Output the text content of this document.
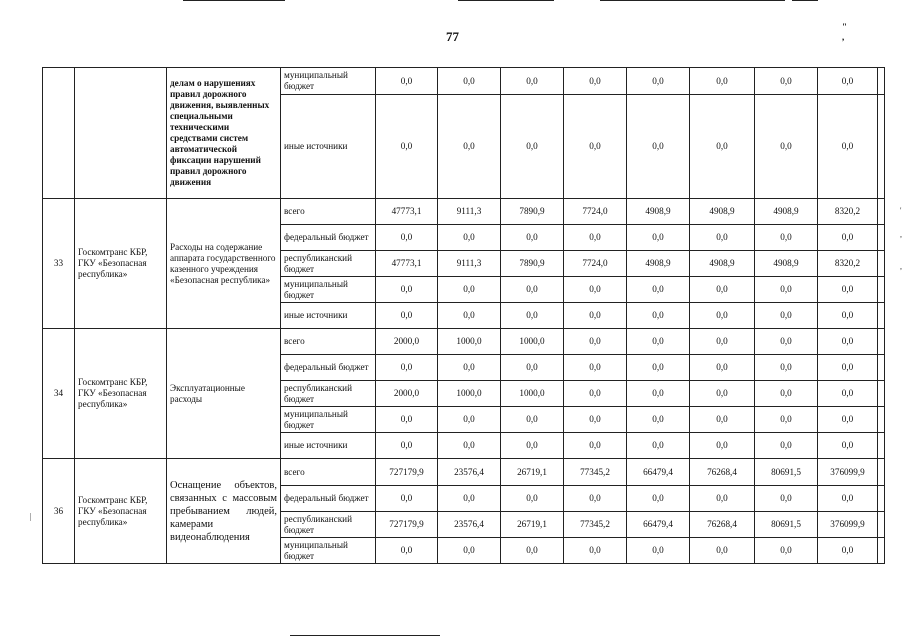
77
" ,
		делам о нарушениях правил дорожного движения, выявленных специальными техническими средствами систем автоматической фиксации нарушений правил дорожного движения	муниципальный бюджет	0,0	0,0	0,0	0,0	0,0	0,0	0,0	0,0	
			иные источники	0,0	0,0	0,0	0,0	0,0	0,0	0,0	0,0	
33	Госкомтранс КБР, ГКУ «Безопасная республика»	Расходы на содержание аппарата государственного казенного учреждения «Безопасная республика»	всего	47773,1	9111,3	7890,9	7724,0	4908,9	4908,9	4908,9	8320,2	
			федеральный бюджет	0,0	0,0	0,0	0,0	0,0	0,0	0,0	0,0	
			республиканский бюджет	47773,1	9111,3	7890,9	7724,0	4908,9	4908,9	4908,9	8320,2	
			муниципальный бюджет	0,0	0,0	0,0	0,0	0,0	0,0	0,0	0,0	
			иные источники	0,0	0,0	0,0	0,0	0,0	0,0	0,0	0,0	
34	Госкомтранс КБР, ГКУ «Безопасная республика»	Эксплуатационные расходы	всего	2000,0	1000,0	1000,0	0,0	0,0	0,0	0,0	0,0	
			федеральный бюджет	0,0	0,0	0,0	0,0	0,0	0,0	0,0	0,0	
			республиканский бюджет	2000,0	1000,0	1000,0	0,0	0,0	0,0	0,0	0,0	
			муниципальный бюджет	0,0	0,0	0,0	0,0	0,0	0,0	0,0	0,0	
			иные источники	0,0	0,0	0,0	0,0	0,0	0,0	0,0	0,0	
36	Госкомтранс КБР, ГКУ «Безопасная республика»	Оснащение объектов, связанных с массовым пребыванием людей, камерами видеонаблюдения	всего	727179,9	23576,4	26719,1	77345,2	66479,4	76268,4	80691,5	376099,9	
			федеральный бюджет	0,0	0,0	0,0	0,0	0,0	0,0	0,0	0,0	
			республиканский бюджет	727179,9	23576,4	26719,1	77345,2	66479,4	76268,4	80691,5	376099,9	
			муниципальный бюджет	0,0	0,0	0,0	0,0	0,0	0,0	0,0	0,0	
'
,
,
|
